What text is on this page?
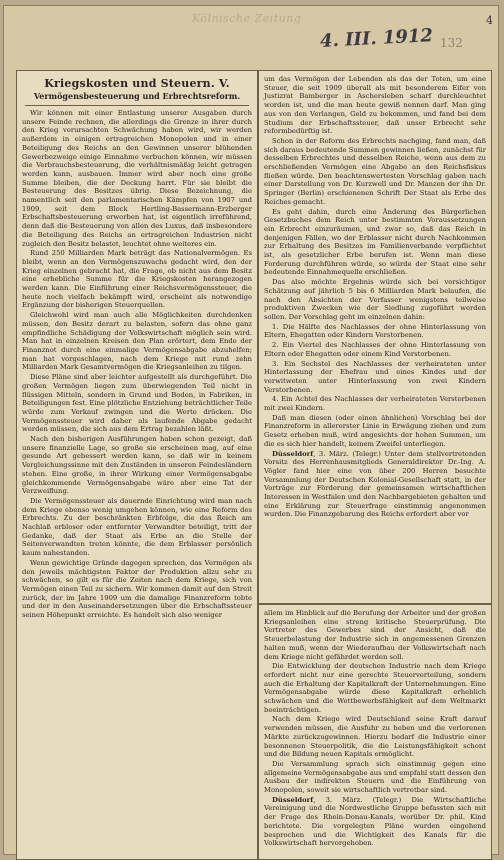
Kölnische Zeitung
4. III. 1912 132
4
Kriegskosten und Steuern. V.
Vermögensbesteuerung und Erbrechtsreform.

Wir können mit einer Entlastung unserer Ausgaben durch unsere Feinde rechnen, die allerdings die Grenze in ihrer durch den Krieg verursachten Schwächung haben wird, wir werden außerdem in einigen ertragreichen Monopolen und in einer Beteiligung des Reichs an den Gewinnen unserer blühenden Gewerbezweige einige Einnahme verbuchen können, wir müssen die Verbrauchsbesteuerung, die verhältnismäßig leicht getragen werden kann, ausbauen. Immer wird aber noch eine große Summe bleiben, die der Deckung harrt. Für sie bleibt die Besteuerung des Besitzes übrig. Diese Bezeichnung, die namentlich seit den parlamentarischen Kämpfen von 1907 und 1909, seit dem Block Hertling-Bassermann-Erzberger Erbschaftsbesteuerung erworben hat, ist eigentlich irreführend, denn daß die Besteuerung von allen des Luxus, daß insbesondere die Beteiligung des Reichs an ertragreichen Industrien nicht zugleich den Besitz belastet, leuchtet ohne weiteres ein.

Rund 250 Milliarden Mark beträgt das Nationalvermögen. Es bleibt, wenn an den Vermögenszuwachs gedacht wird, den der Krieg einzelnen gebracht hat, die Frage, ob nicht aus dem Besitz eine erhebliche Summe für die Kriegskosten herangezogen werden kann. Die Einführung einer Reichsvermögenssteuer, die heute noch vielfach bekämpft wird, erscheint als notwendige Ergänzung der bisherigen Steuerquellen.

Gleichwohl wird man auch alle Möglichkeiten durchdenken müssen, den Besitz derart zu belasten, sofern das ohne ganz empfindliche Schädigung der Volkswirtschaft möglich sein wird. Man hat in einzelnen Kreisen den Plan erörtert, dem Ende der Finanznot durch eine einmalige Vermögensabgabe abzuhelfen; man hat vorgeschlagen, nach dem Kriege mit rund zehn Milliarden Mark Gesamtvermögen die Kriegsanleihen zu tilgen.

Diese Pläne sind aber leichter aufgestellt als durchgeführt. Die großen Vermögen liegen zum überwiegenden Teil nicht in flüssigen Mitteln, sondern in Grund und Boden, in Fabriken, in Beteiligungen fest. Eine plötzliche Entziehung beträchtlicher Teile würde zum Verkauf zwingen und die Werte drücken. Die Vermögenssteuer wird daher als laufende Abgabe gedacht werden müssen, die sich aus dem Ertrag bezahlen läßt.

Nach den bisherigen Ausführungen haben schon gezeigt, daß unsere finanzielle Lage, so große sie erscheinen mag, auf eine gesunde Art gebessert werden kann, so daß wir in keinem Vergleichungssinne mit den Zuständen in unseren Feindesländern stehen. Eine große, in ihrer Wirkung einer Vermögensabgabe gleichkommende Vermögensabgabe wäre aber eine Tat der Verzweiflung.

Die Vermögenssteuer als dauernde Einrichtung wird man nach dem Kriege ebenso wenig umgehen können, wie eine Reform des Erbrechts. Zu der beschränkten Erbfolge, die das Reich am Nachlaß erbloser oder entfernter Verwandter beteiligt, tritt der Gedanke, daß der Staat als Erbe an die Stelle der Seitenverwandten treten könnte, die dem Erblasser persönlich kaum nahestanden.

Wenn gewichtige Gründe dagegen sprechen, das Vermögen als den jeweils mächtigsten Faktor der Produktion allzu sehr zu schwächen, so gilt es für die Zeiten nach dem Kriege, sich von Vermögen einen Teil zu sichern. Wir kommen damit auf den Streit zurück, der im Jahre 1909 um die damalige Finanzreform tobte und der in den Auseinandersetzungen über die Erbschaftssteuer seinen Höhepunkt erreichte. Es handelt sich also weniger

um das Vermögen der Lebenden als das der Toten, um eine Steuer, die seit 1909 überall als mit besonderem Eifer von Justizrat Bamberger in Aschersleben scharf durchleuchtet worden ist, und die man heute gewiß nennen darf. Man ging aus von den Verlangen, Geld zu bekommen, und fand bei dem Studium der Erbschaftssteuer, daß unser Erbrecht sehr reformbedürftig ist.

Schon in der Reform des Erbrechts nachging, fand man, daß sich daraus bedeutende Summen gewinnen ließen, zunächst für desselben Erbrechtes und desselben Reiche, wenn aus dem zu erschließenden Vermögen eine Abgabe an den Reichsfiskus fließen würde. Den beachtenswertesten Vorschlag gaben nach einer Darstellung von Dr. Kurzwell und Dr. Manzen der ihn Dr. Springer (Berlin) erschienenen Schrift Der Staat als Erbe des Reiches gemacht.

Es geht dahin, durch eine Änderung des Bürgerlichen Gesetzbuches dem Reich unter bestimmten Voraussetzungen ein Erbrecht einzuräumen, und zwar so, daß das Reich in denjenigen Fällen, wo der Erblasser nicht durch Nachkommen zur Erhaltung des Besitzes im Familienverbande verpflichtet ist, als gesetzlicher Erbe berufen ist. Wenn man diese Forderung durchführen würde, so würde der Staat eine sehr bedeutende Einnahmequelle erschließen.

Das also möchte Ergebnis würde sich bei vorsichtiger Schätzung auf jährlich 5 bis 6 Milliarden Mark belaufen, die nach den Absichten der Verfasser wenigstens teilweise produktiven Zwecken wie der Siedlung zugeführt werden sollen. Der Vorschlag geht im einzelnen dahin:

1. Die Hälfte des Nachlasses der ohne Hinterlassung von Eltern, Ehegatten oder Kindern Verstorbenen.

2. Ein Viertel des Nachlasses der ohne Hinterlassung von Eltern oder Ehegatten oder einem Kind Verstorbenen.

3. Ein Sechstel des Nachlasses der verheirateten unter Hinterlassung der Ehefrau und eines Kindes und der verwitweten unter Hinterlassung von zwei Kindern Verstorbenen.

4. Ein Achtel des Nachlasses der verheirateten Verstorbenen mit zwei Kindern.

Daß man diesen (oder einen ähnlichen) Vorschlag bei der Finanzreform in allererster Linie in Erwägung ziehen und zum Gesetz erheben muß, wird angesichts der hohen Summen, um die es sich hier handelt, keinem Zweifel unterliegen.

Düsseldorf, 3. März. (Telegr.) Unter dem stellvertretenden Vorsitz des Herrenhausmitglieds Generaldirektor Dr.-Ing. A. Vögler fand hier eine von über 200 Herren besuchte Versammlung der Deutschen Kolonial-Gesellschaft statt, in der Vorträge zur Förderung der gemeinsamen wirtschaftlichen Interessen in Westfalen und den Nachbargebieten gehalten und eine Erklärung zur Steuerfrage einstimmig angenommen wurden. Die Finanzgebarung des Reichs erfordert aber vor

allem im Hinblick auf die Berufung der Arbeiter und der großen Kriegsanleihen eine streng kritische Steuerprüfung. Die Vertreter des Gewerbes sind der Ansicht, daß die Steuerbelastung der Industrie sich in angemessenen Grenzen halten muß, wenn der Wiederaufbau der Volkswirtschaft nach dem Kriege nicht gefährdet werden soll.

Die Entwicklung der deutschen Industrie nach dem Kriege erfordert nicht nur eine gerechte Steuerverteilung, sondern auch die Erhaltung der Kapitalkraft der Unternehmungen. Eine Vermögensabgabe würde diese Kapitalkraft erheblich schwächen und die Wettbewerbsfähigkeit auf dem Weltmarkt beeinträchtigen.

Nach dem Kriege wird Deutschland seine Kraft darauf verwenden müssen, die Ausfuhr zu heben und die verlorenen Märkte zurückzugewinnen. Hierzu bedarf die Industrie einer besonnenen Steuerpolitik, die die Leistungsfähigkeit schont und die Bildung neuen Kapitals ermöglicht.

Die Versammlung sprach sich einstimmig gegen eine allgemeine Vermögensabgabe aus und empfahl statt dessen den Ausbau der indirekten Steuern und die Einführung von Monopolen, soweit sie wirtschaftlich vertretbar sind.

Düsseldorf, 3. März. (Telegr.) Die Wirtschaftliche Vereinigung und die Nordwestliche Gruppe befassten sich mit der Frage des Rhein-Donau-Kanals, worüber Dr. phil. Kind berichtete. Die vorgelegten Pläne wurden eingehend besprochen und die Wichtigkeit des Kanals für die Volkswirtschaft hervorgehoben.
